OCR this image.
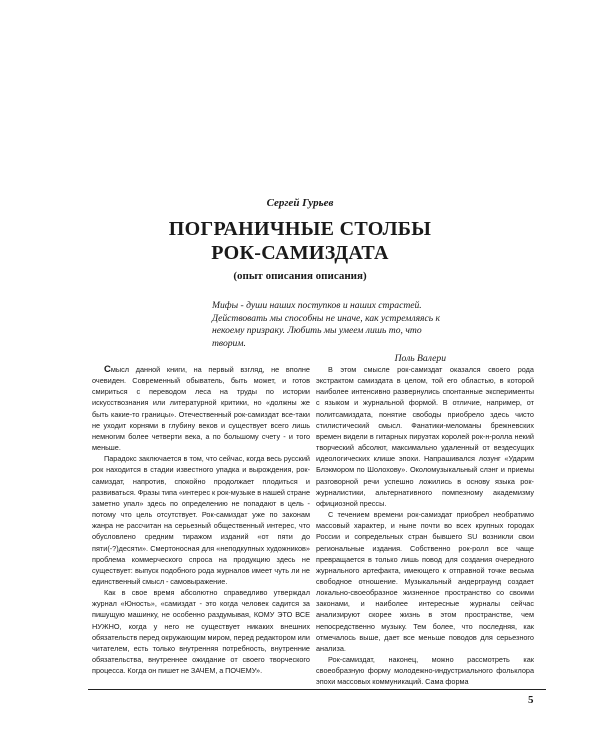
Сергей Гурьев
ПОГРАНИЧНЫЕ СТОЛБЫ
РОК-САМИЗДАТА
(опыт описания описания)

Мифы - души наших поступков и наших страстей. Действовать мы способны не иначе, как устремляясь к некоему призраку. Любить мы умеем лишь то, что творим.

Поль Валери

Смысл данной книги, на первый взгляд, не вполне очевиден. Современный обыватель, быть может, и готов смириться с переводом леса на труды по истории искусствознания или литературной критики, но «должны же быть какие-то границы». Отечественный рок-самиздат все-таки не уходит корнями в глубину веков и существует всего лишь немногим более четверти века, а по большому счету - и того меньше.

Парадокс заключается в том, что сейчас, когда весь русский рок находится в стадии известного упадка и вырождения, рок-самиздат, напротив, спокойно продолжает плодиться и развиваться. Фразы типа «интерес к рок-музыке в нашей стране заметно упал» здесь по определению не попадают в цель - потому что цель отсутствует. Рок-самиздат уже по законам жанра не рассчитан на серьезный общественный интерес, что обусловлено средним тиражом изданий «от пяти до пяти(-?)десяти». Смертоносная для «неподкупных художников» проблема коммерческого спроса на продукцию здесь не существует: выпуск подобного рода журналов имеет чуть ли не единственный смысл - самовыражение.

Как в свое время абсолютно справедливо утверждал журнал «Юность», «самиздат - это когда человек садится за пишущую машинку, не особенно раздумывая, КОМУ ЭТО ВСЕ НУЖНО, когда у него не существует никаких внешних обязательств перед окружающим миром, перед редактором или читателем, есть только внутренняя потребность, внутренние обязательства, внутреннее ожидание от своего творческого процесса. Когда он пишет не ЗАЧЕМ, а ПОЧЕМУ».

В этом смысле рок-самиздат оказался своего рода экстрактом самиздата в целом, той его областью, в которой наиболее интенсивно развернулись спонтанные эксперименты с языком и журнальной формой. В отличие, например, от политсамиздата, понятие свободы приобрело здесь чисто стилистический смысл. Фанатики-меломаны брежневских времен видели в гитарных пируэтах королей рок-н-ролла некий творческий абсолют, максимально удаленный от вездесущих идеологических клише эпохи. Напрашивался лозунг «Ударим Блэкмором по Шолохову». Околомузыкальный слэнг и приемы разговорной речи успешно ложились в основу языка рок-журналистики, альтернативного помпезному академизму официозной прессы.

С течением времени рок-самиздат приобрел необратимо массовый характер, и ныне почти во всех крупных городах России и сопредельных стран бывшего SU возникли свои региональные издания. Собственно рок-ролл все чаще превращается в только лишь повод для создания очередного журнального артефакта, имеющего к отправной точке весьма свободное отношение. Музыкальный андерграунд создает локально-своеобразное жизненное пространство со своими законами, и наиболее интересные журналы сейчас анализируют скорее жизнь в этом пространстве, чем непосредственно музыку. Тем более, что последняя, как отмечалось выше, дает все меньше поводов для серьезного анализа.

Рок-самиздат, наконец, можно рассмотреть как своеобразную форму молодежно-индустриального фольклора эпохи массовых коммуникаций. Сама форма

5
